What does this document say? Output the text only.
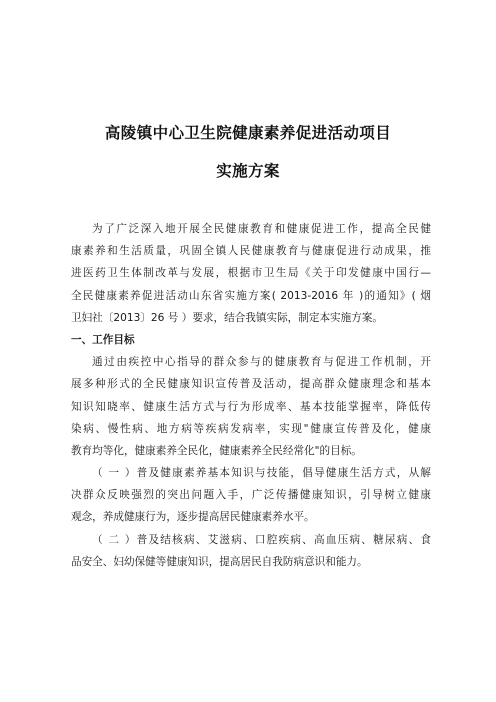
高陵镇中心卫生院健康素养促进活动项目
实施方案
为了广泛深入地开展全民健康教育和健康促进工作，提高全民健
康素养和生活质量，巩固全镇人民健康教育与健康促进行动成果，推
进医药卫生体制改革与发展，根据市卫生局《关于印发健康中国行—
全民健康素养促进活动山东省实施方案( 2013-2016 年 )的通知》( 烟
卫妇社〔2013〕26 号 ）要求，结合我镇实际，制定本实施方案。
一、工作目标
通过由疾控中心指导的群众参与的健康教育与促进工作机制，开
展多种形式的全民健康知识宣传普及活动，提高群众健康理念和基本
知识知晓率、健康生活方式与行为形成率、基本技能掌握率，降低传
染病、慢性病、地方病等疾病发病率，实现"健康宣传普及化，健康
教育均等化，健康素养全民化，健康素养全民经常化"的目标。
（ 一 ）普及健康素养基本知识与技能，倡导健康生活方式，从解
决群众反映强烈的突出问题入手，广泛传播健康知识，引导树立健康
观念，养成健康行为，逐步提高居民健康素养水平。
（ 二 ）普及结核病、艾滋病、口腔疾病、高血压病、糖尿病、食
品安全、妇幼保健等健康知识，提高居民自我防病意识和能力。
